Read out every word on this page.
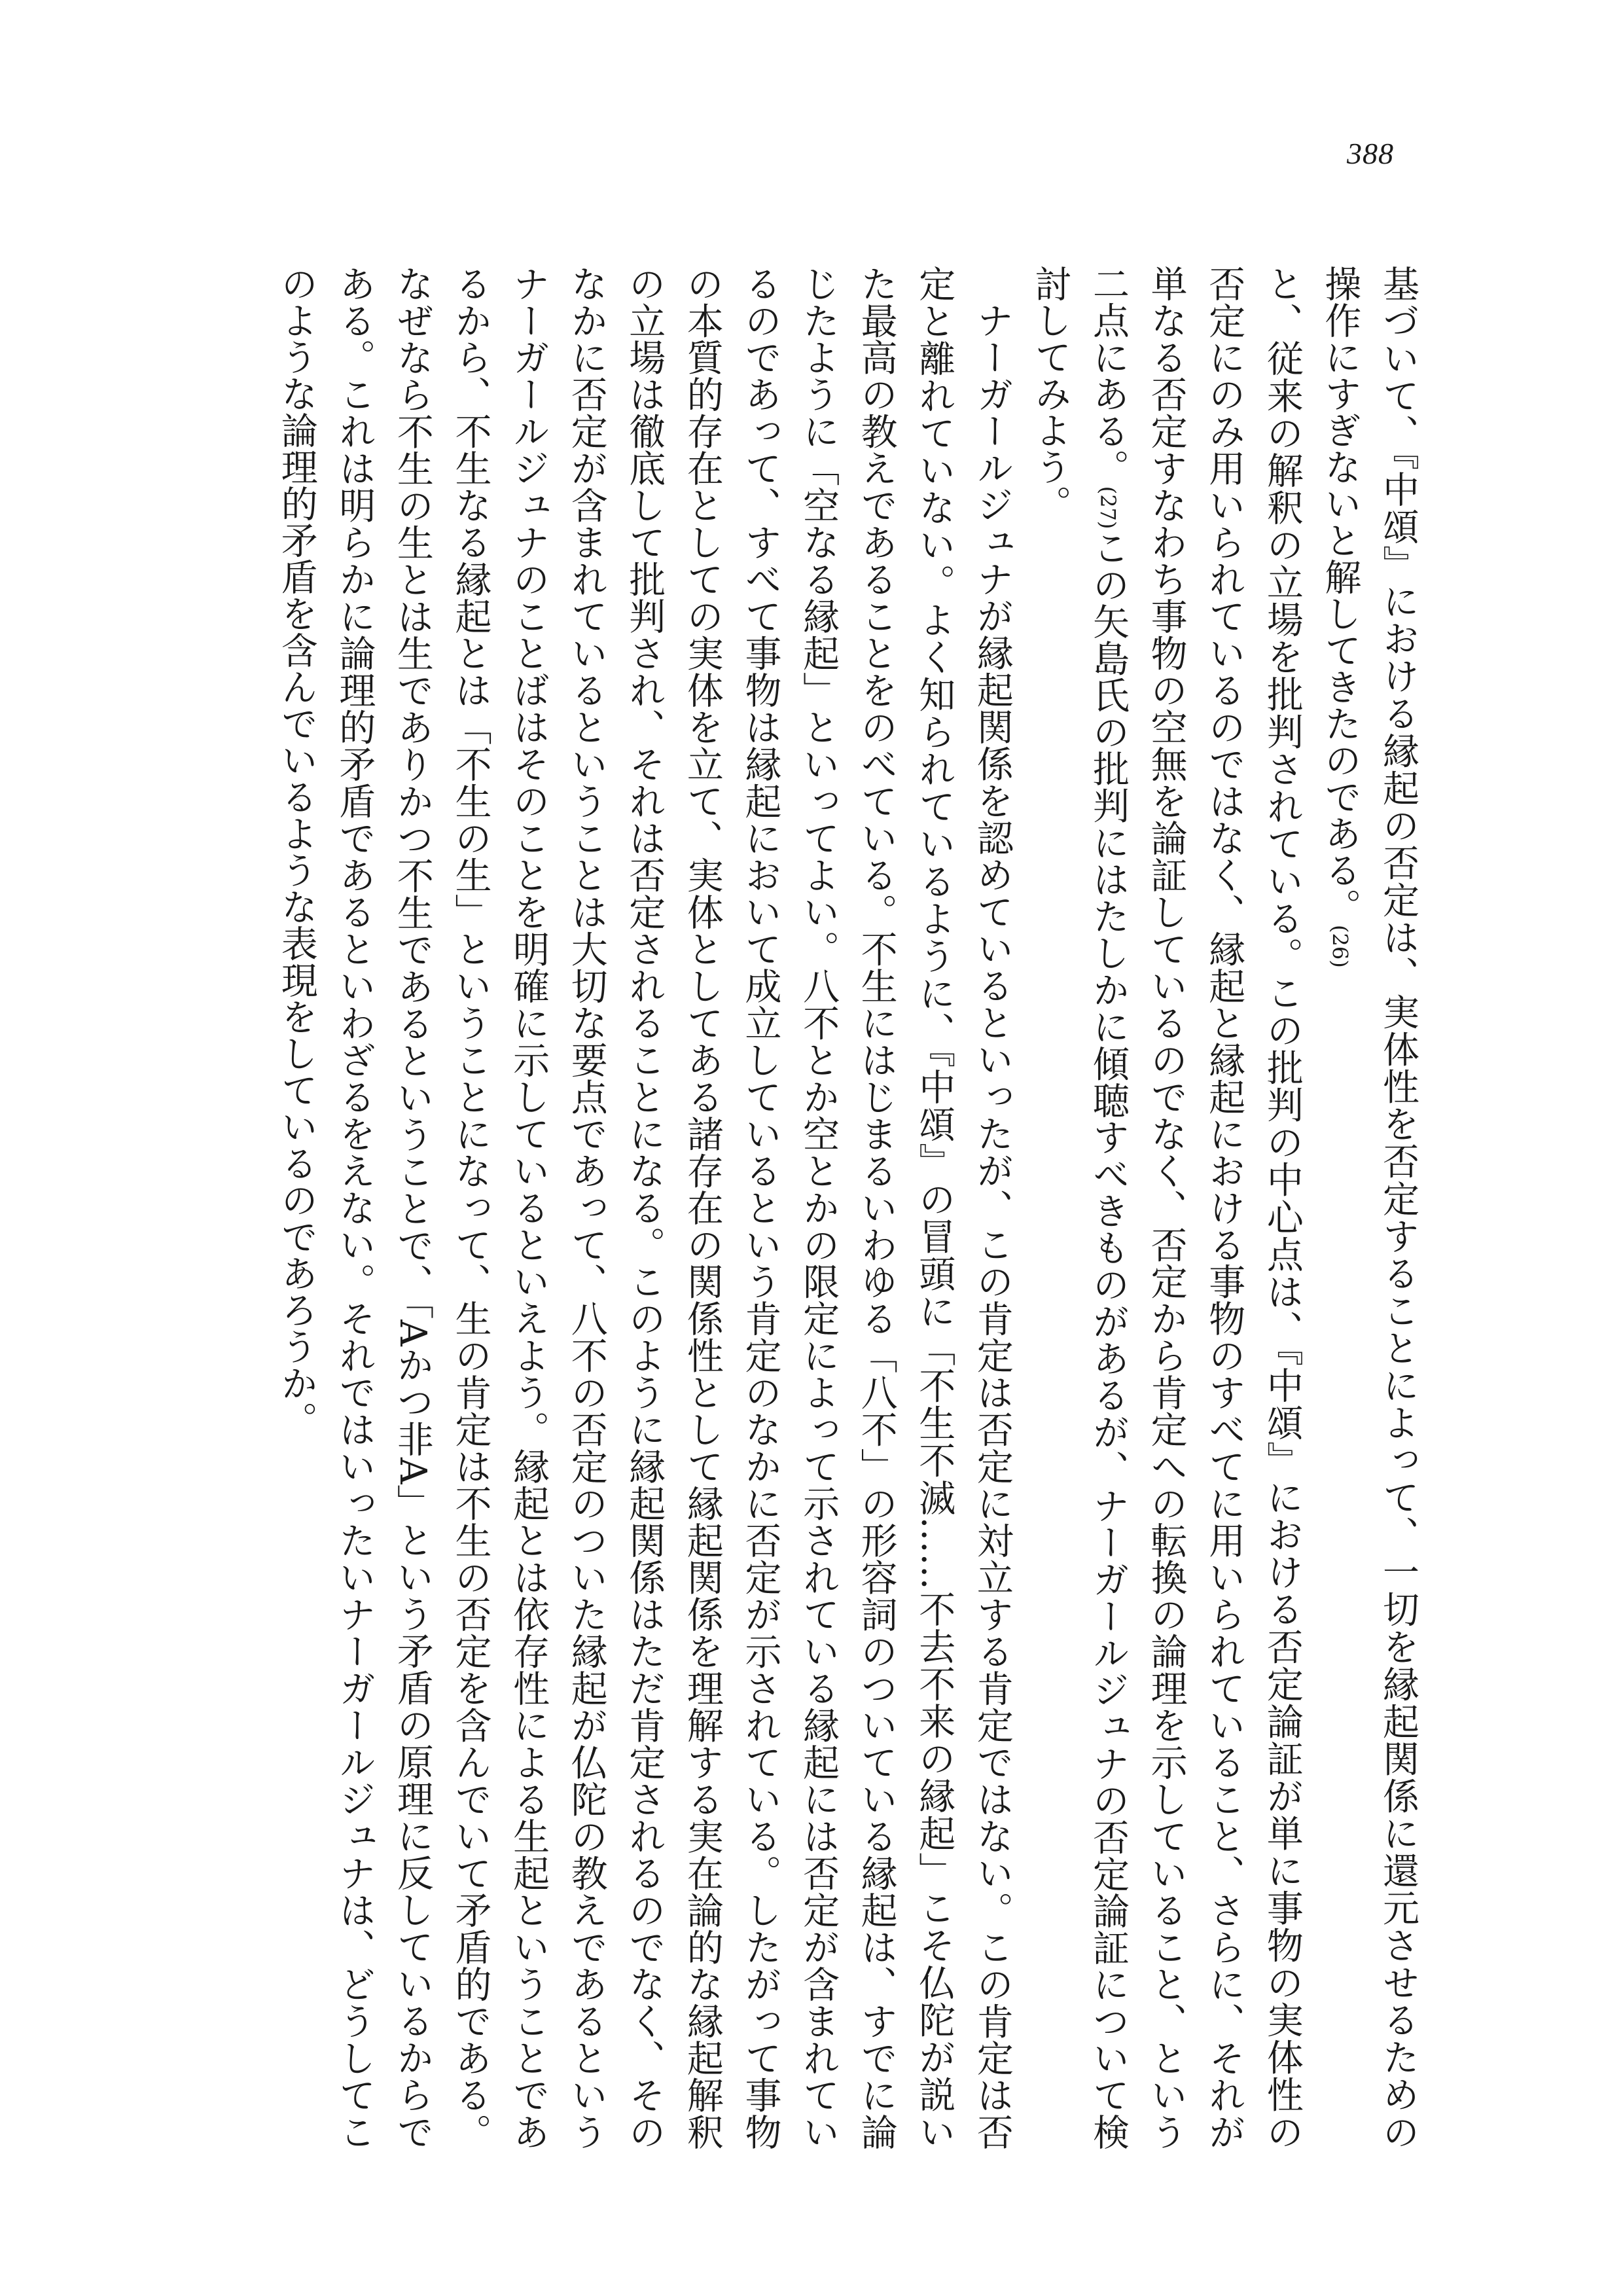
388

基づいて、『中頌』における縁起の否定は、実体性を否定することによって、一切を縁起関係に還元させるための操作にすぎないと解してきたのである。(26)

と、従来の解釈の立場を批判されている。この批判の中心点は、『中頌』における否定論証が単に事物の実体性の否定にのみ用いられているのではなく、縁起と縁起における事物のすべてに用いられていること、さらに、それが単なる否定すなわち事物の空無を論証しているのでなく、否定から肯定への転換の論理を示していること、という二点にある。(27)この矢島氏の批判にはたしかに傾聴すべきものがあるが、ナーガールジュナの否定論証について検討してみよう。

ナーガールジュナが縁起関係を認めているといったが、この肯定は否定に対立する肯定ではない。この肯定は否定と離れていない。よく知られているように、『中頌』の冒頭に「不生不滅……不去不来の縁起」こそ仏陀が説いた最高の教えであることをのべている。不生にはじまるいわゆる「八不」の形容詞のついている縁起は、すでに論じたように「空なる縁起」といってよい。八不とか空とかの限定によって示されている縁起には否定が含まれているのであって、すべて事物は縁起において成立しているという肯定のなかに否定が示されている。したがって事物の本質的存在としての実体を立て、実体としてある諸存在の関係性として縁起関係を理解する実在論的な縁起解釈の立場は徹底して批判され、それは否定されることになる。このように縁起関係はただ肯定されるのでなく、そのなかに否定が含まれているということは大切な要点であって、八不の否定のついた縁起が仏陀の教えであるというナーガールジュナのことばはそのことを明確に示しているといえよう。縁起とは依存性による生起ということであるから、不生なる縁起とは「不生の生」ということになって、生の肯定は不生の否定を含んでいて矛盾的である。なぜなら不生の生とは生でありかつ不生であるということで、「Aかつ非A」という矛盾の原理に反しているからである。これは明らかに論理的矛盾であるといわざるをえない。それではいったいナーガールジュナは、どうしてこのような論理的矛盾を含んでいるような表現をしているのであろうか。
